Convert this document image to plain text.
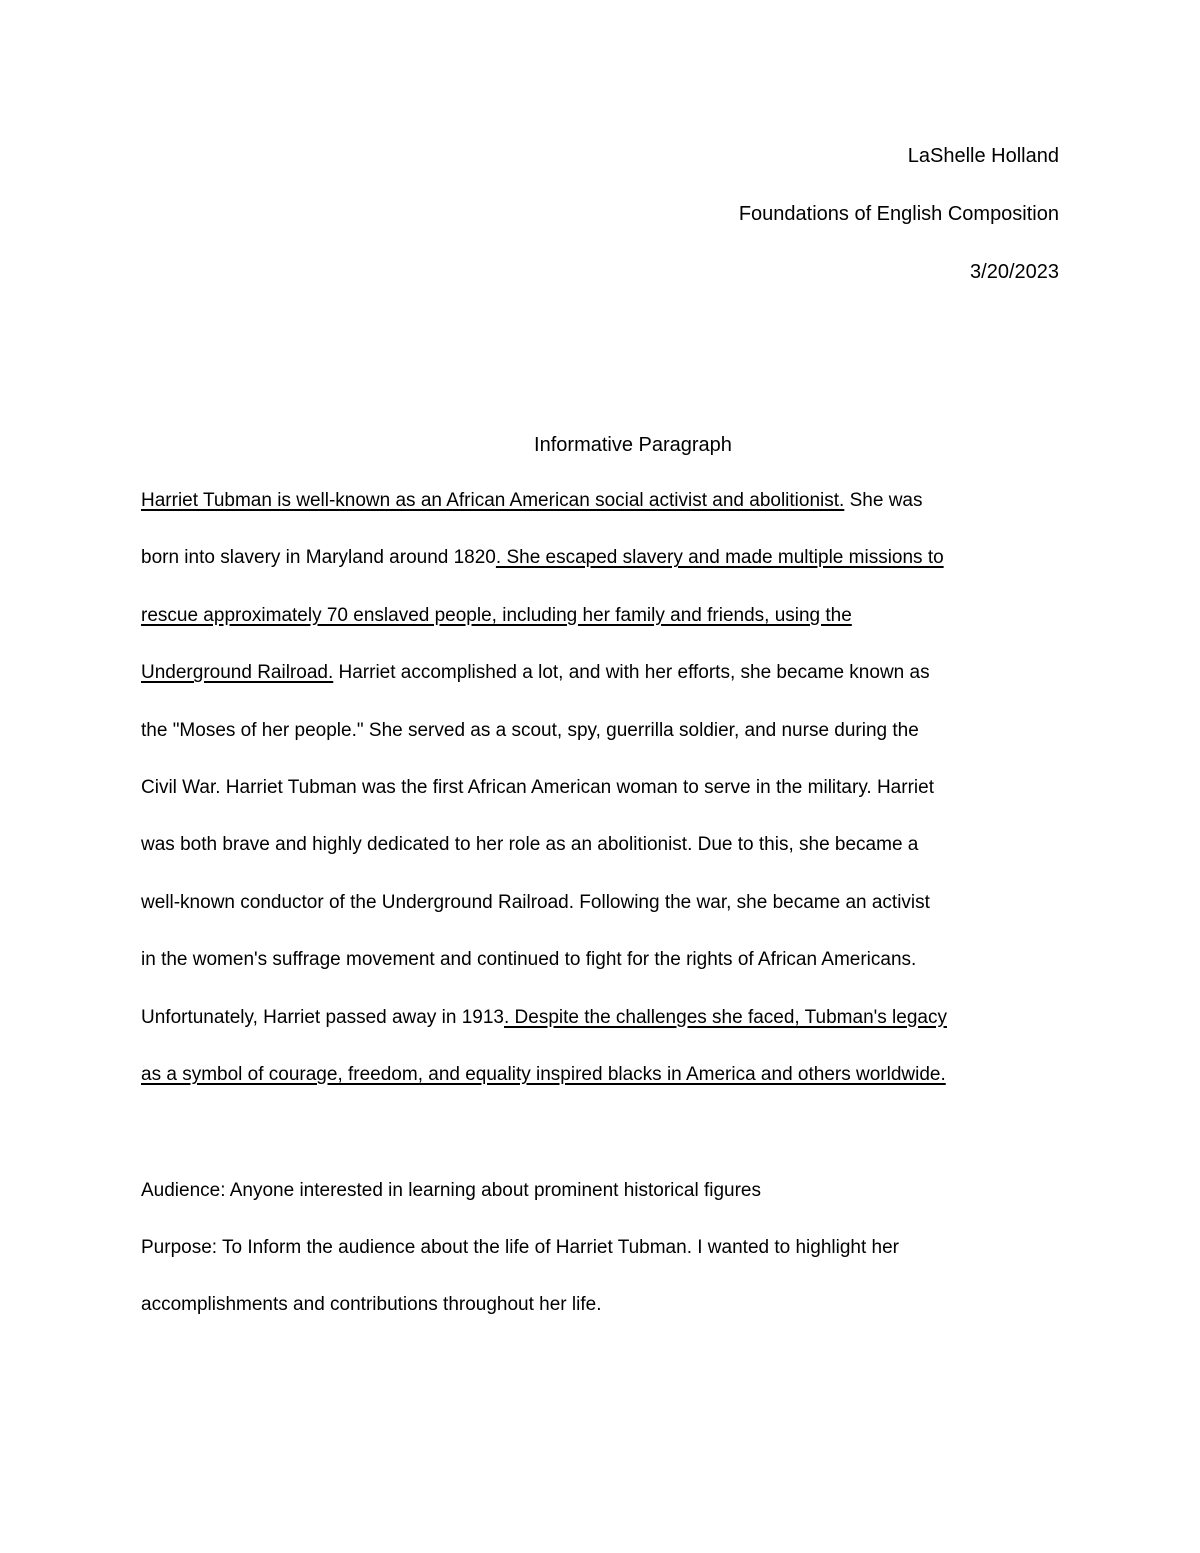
LaShelle Holland
Foundations of English Composition
3/20/2023
Informative Paragraph
Harriet Tubman is well-known as an African American social activist and abolitionist. She was
born into slavery in Maryland around 1820. She escaped slavery and made multiple missions to
rescue approximately 70 enslaved people, including her family and friends, using the
Underground Railroad. Harriet accomplished a lot, and with her efforts, she became known as
the "Moses of her people." She served as a scout, spy, guerrilla soldier, and nurse during the
Civil War. Harriet Tubman was the first African American woman to serve in the military. Harriet
was both brave and highly dedicated to her role as an abolitionist. Due to this, she became a
well-known conductor of the Underground Railroad. Following the war, she became an activist
in the women's suffrage movement and continued to fight for the rights of African Americans.
Unfortunately, Harriet passed away in 1913. Despite the challenges she faced, Tubman's legacy
as a symbol of courage, freedom, and equality inspired blacks in America and others worldwide.
Audience: Anyone interested in learning about prominent historical figures
Purpose: To Inform the audience about the life of Harriet Tubman. I wanted to highlight her
accomplishments and contributions throughout her life.
